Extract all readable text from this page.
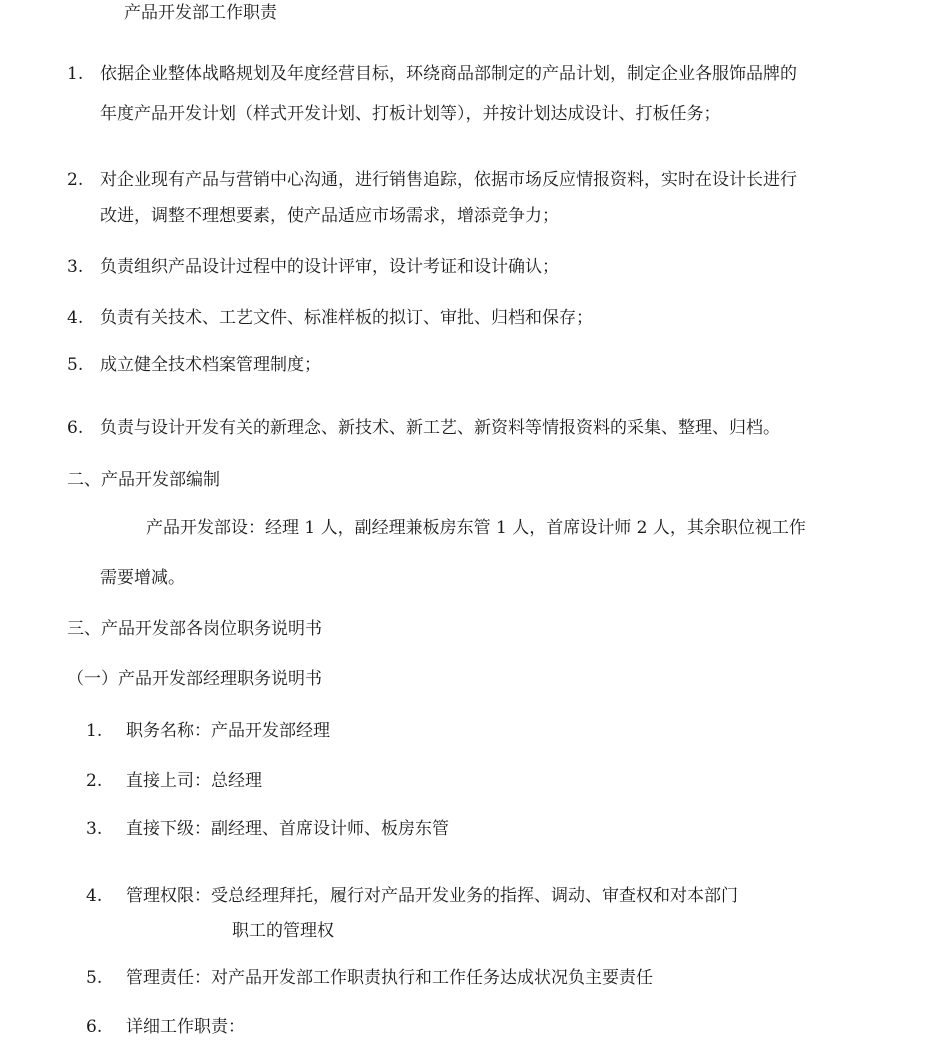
产品开发部工作职责
1. 依据企业整体战略规划及年度经营目标，环绕商品部制定的产品计划，制定企业各服饰品牌的
年度产品开发计划（样式开发计划、打板计划等），并按计划达成设计、打板任务；
2. 对企业现有产品与营销中心沟通，进行销售追踪，依据市场反应情报资料，实时在设计长进行
改进，调整不理想要素，使产品适应市场需求，增添竞争力；
3. 负责组织产品设计过程中的设计评审，设计考证和设计确认；
4. 负责有关技术、工艺文件、标准样板的拟订、审批、归档和保存；
5. 成立健全技术档案管理制度；
6. 负责与设计开发有关的新理念、新技术、新工艺、新资料等情报资料的采集、整理、归档。
二、产品开发部编制
产品开发部设：经理 1 人，副经理兼板房东管 1 人，首席设计师 2 人，其余职位视工作
需要增减。
三、产品开发部各岗位职务说明书
（一）产品开发部经理职务说明书
1. 职务名称：产品开发部经理
2. 直接上司：总经理
3. 直接下级：副经理、首席设计师、板房东管
4. 管理权限：受总经理拜托，履行对产品开发业务的指挥、调动、审查权和对本部门
职工的管理权
5. 管理责任：对产品开发部工作职责执行和工作任务达成状况负主要责任
6. 详细工作职责：
